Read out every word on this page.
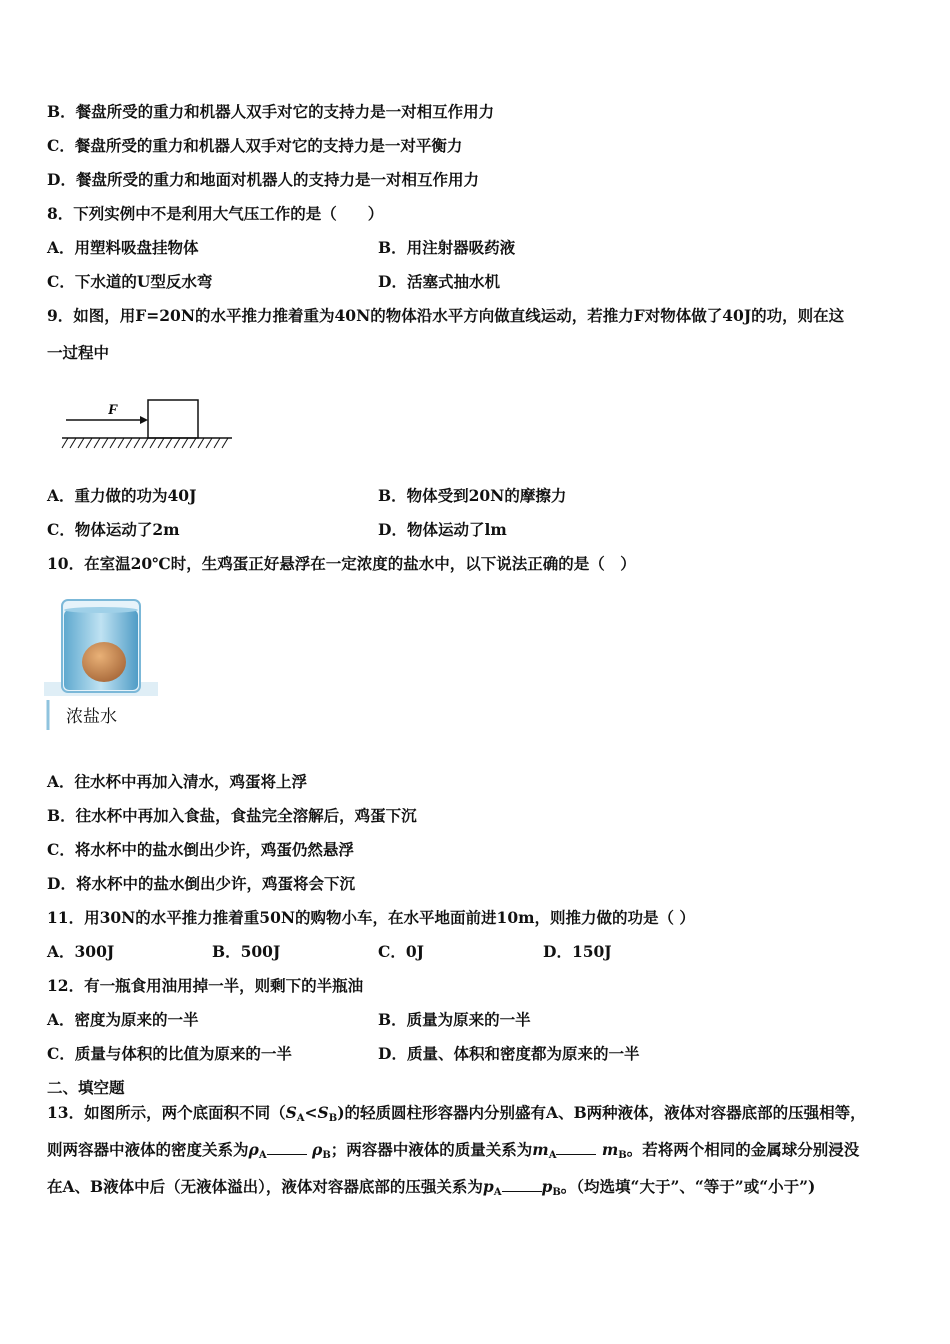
B．餐盘所受的重力和机器人双手对它的支持力是一对相互作用力
C．餐盘所受的重力和机器人双手对它的支持力是一对平衡力
D．餐盘所受的重力和地面对机器人的支持力是一对相互作用力
8．下列实例中不是利用大气压工作的是（　　）
A．用塑料吸盘挂物体	B．用注射器吸药液
C．下水道的U型反水弯	D．活塞式抽水机
9．如图，用F=20N的水平推力推着重为40N的物体沿水平方向做直线运动，若推力F对物体做了40J的功，则在这
一过程中
F
A．重力做的功为40J	B．物体受到20N的摩擦力
C．物体运动了2m	D．物体运动了lm
10．在室温20℃时，生鸡蛋正好悬浮在一定浓度的盐水中，以下说法正确的是（　）
浓盐水
A．往水杯中再加入清水，鸡蛋将上浮
B．往水杯中再加入食盐，食盐完全溶解后，鸡蛋下沉
C．将水杯中的盐水倒出少许，鸡蛋仍然悬浮
D．将水杯中的盐水倒出少许，鸡蛋将会下沉
11．用30N的水平推力推着重50N的购物小车，在水平地面前进10m，则推力做的功是（ ）
A．300J	B．500J	C．0J	D．150J
12．有一瓶食用油用掉一半，则剩下的半瓶油
A．密度为原来的一半	B．质量为原来的一半
C．质量与体积的比值为原来的一半	D．质量、体积和密度都为原来的一半
二、填空题
13．如图所示，两个底面积不同$(S_A<S_B)$的轻质圆柱形容器内分别盛有A、B两种液体，液体对容器底部的压强相等，
则两容器中液体的密度关系为$\rho_A$	$\rho_B$；两容器中液体的质量关系为$m_A$	$m_B$。若将两个相同的金属球分别浸没
在A、B液体中后（无液体溢出），液体对容器底部的压强关系为$p_A$	$p_B$。（均选填“大于”、“等于”或“小于”)
